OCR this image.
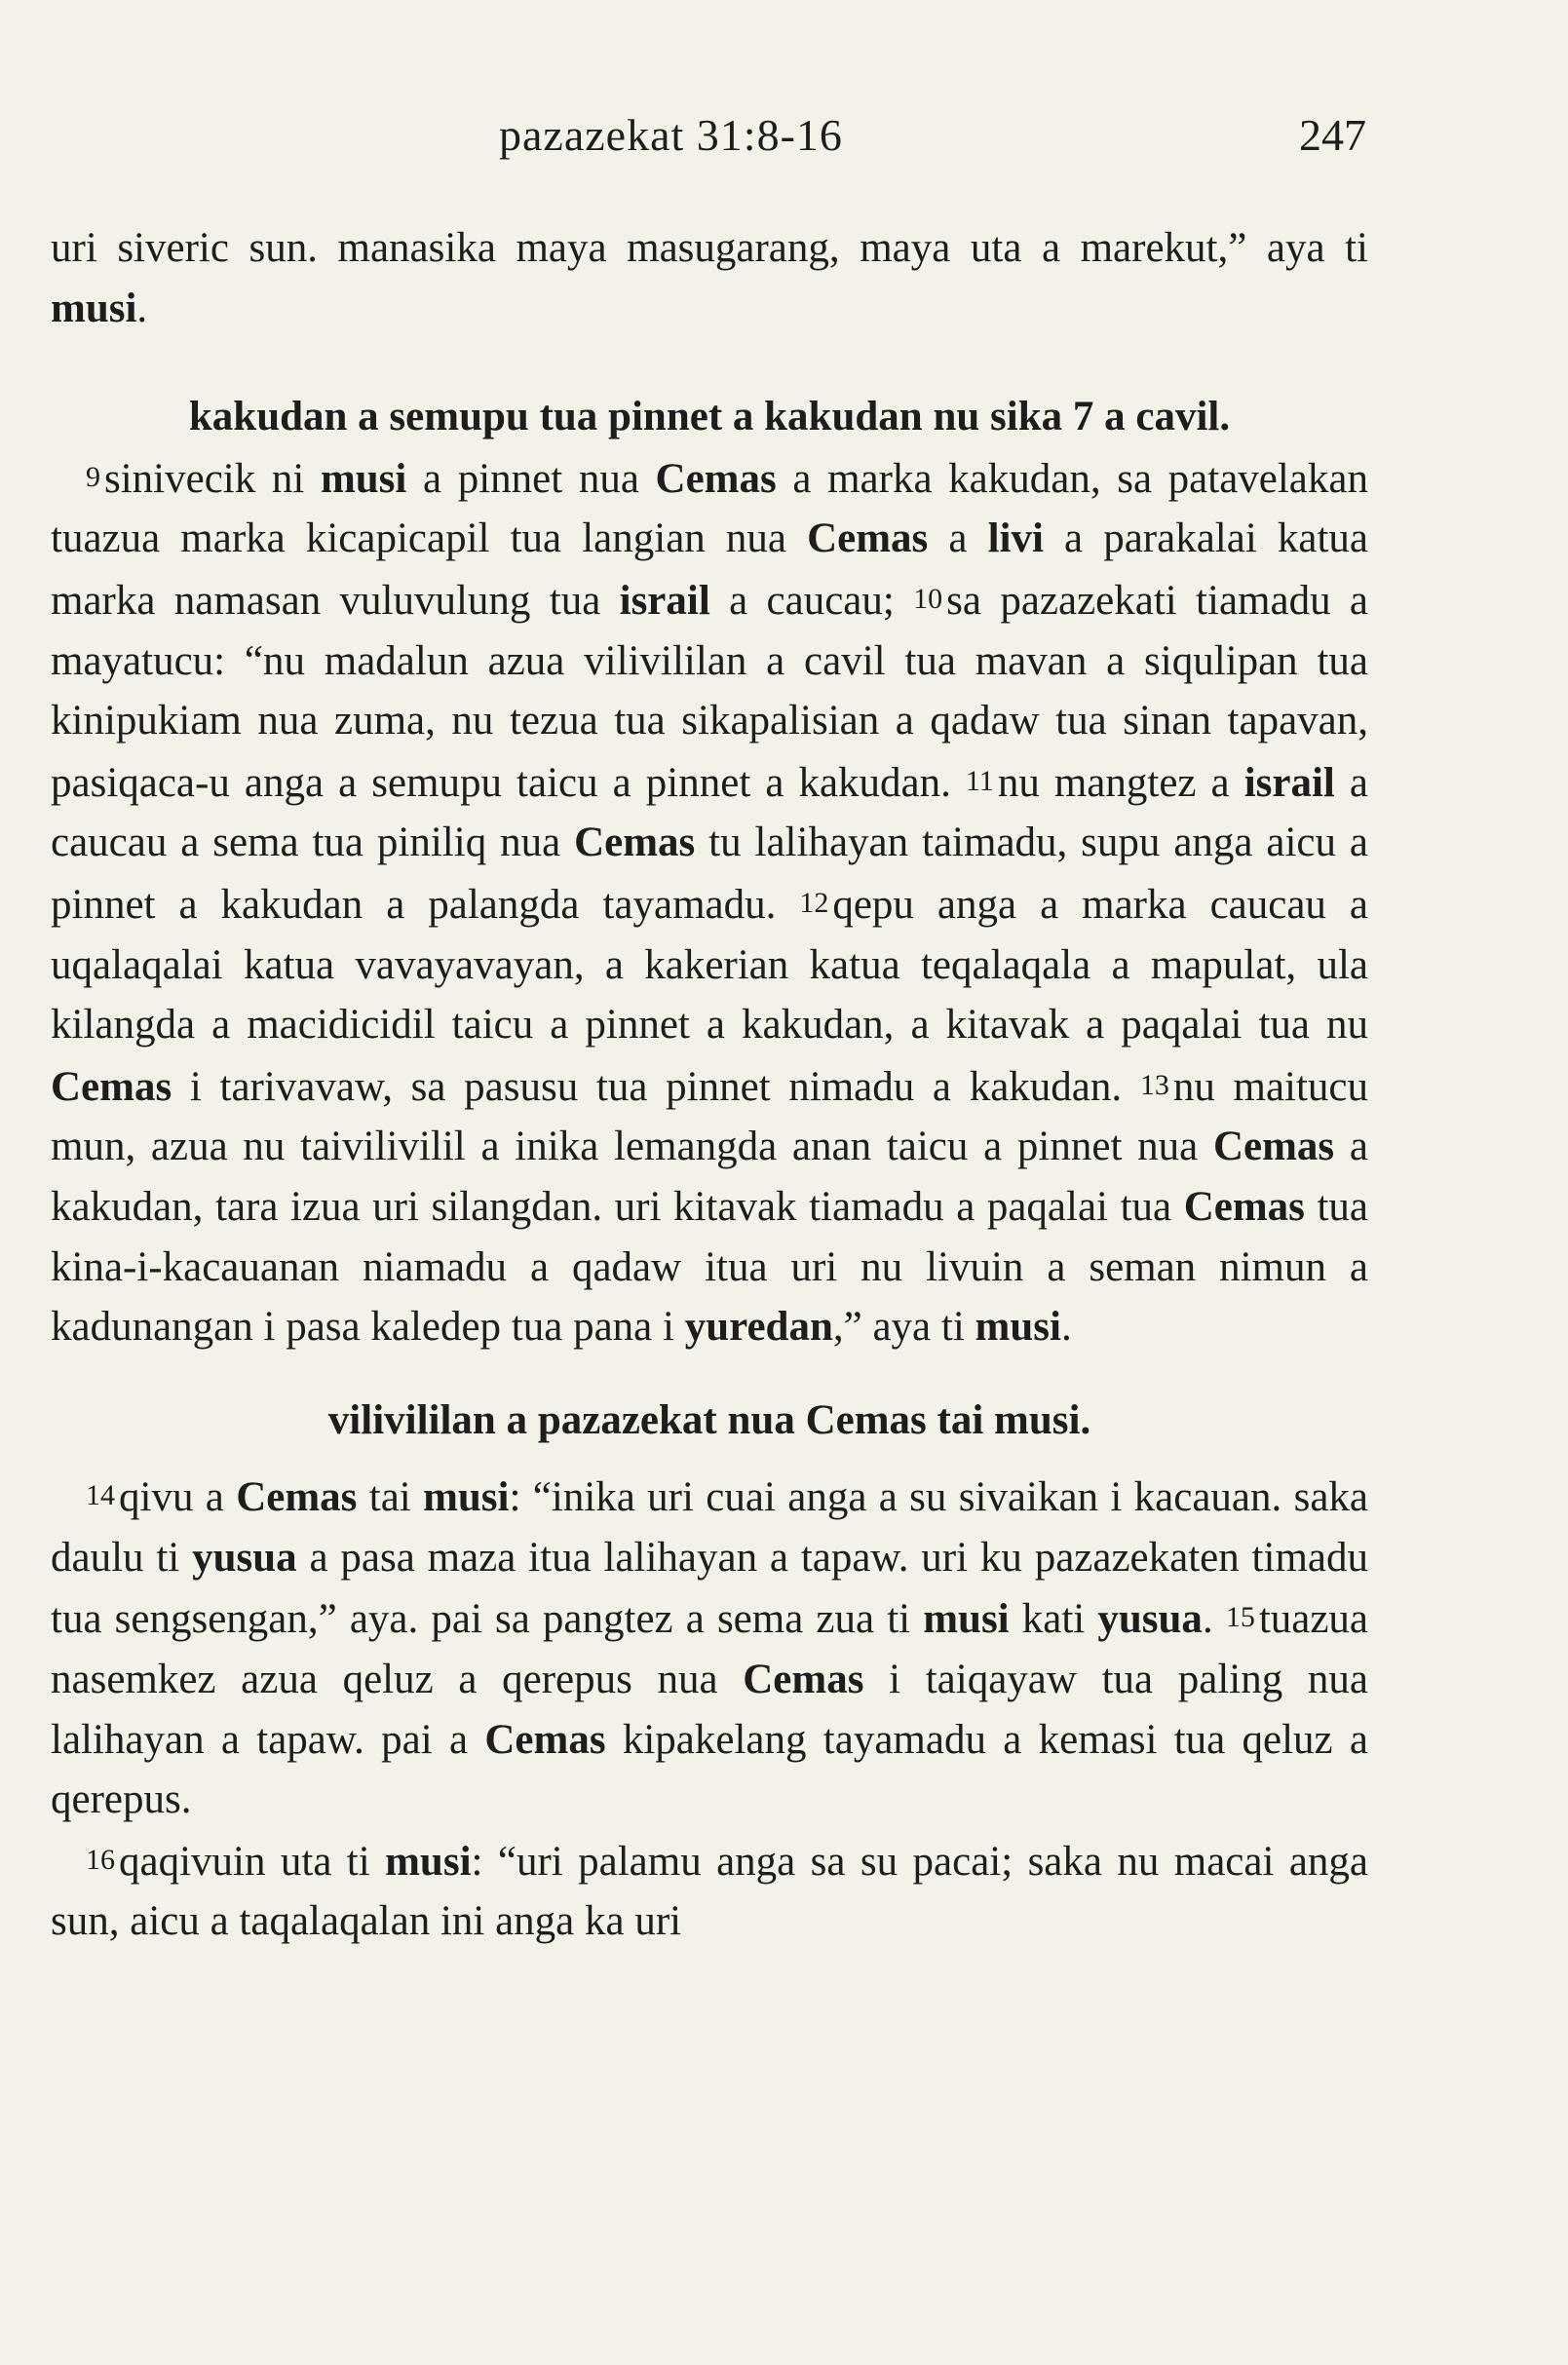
pazazekat 31:8-16	247

uri siveric sun. manasika maya masugarang, maya uta a marekut,” aya ti musi.

kakudan a semupu tua pinnet a kakudan nu sika 7 a cavil.

9sinivecik ni musi a pinnet nua Cemas a marka kakudan, sa patavelakan tuazua marka kicapicapil tua langian nua Cemas a livi a parakalai katua marka namasan vuluvulung tua israil a caucau; 10sa pazazekati tiamadu a mayatucu: “nu madalun azua vilivililan a cavil tua mavan a siqulipan tua kinipukiam nua zuma, nu tezua tua sikapalisian a qadaw tua sinan tapavan, pasiqaca-u anga a semupu taicu a pinnet a kakudan. 11nu mangtez a israil a caucau a sema tua piniliq nua Cemas tu lalihayan taimadu, supu anga aicu a pinnet a kakudan a palangda tayamadu. 12qepu anga a marka caucau a uqalaqalai katua vavayavayan, a kakerian katua teqalaqala a mapulat, ula kilangda a macidicidil taicu a pinnet a kakudan, a kitavak a paqalai tua nu Cemas i tarivavaw, sa pasusu tua pinnet nimadu a kakudan. 13nu maitucu mun, azua nu taivilivilil a inika lemangda anan taicu a pinnet nua Cemas a kakudan, tara izua uri silangdan. uri kitavak tiamadu a paqalai tua Cemas tua kina-i-kacauanan niamadu a qadaw itua uri nu livuin a seman nimun a kadunangan i pasa kaledep tua pana i yuredan,” aya ti musi.

vilivililan a pazazekat nua Cemas tai musi.

14qivu a Cemas tai musi: “inika uri cuai anga a su sivaikan i kacauan. saka daulu ti yusua a pasa maza itua lalihayan a tapaw. uri ku pazazekaten timadu tua sengsengan,” aya. pai sa pangtez a sema zua ti musi kati yusua. 15tuazua nasemkez azua qeluz a qerepus nua Cemas i taiqayaw tua paling nua lalihayan a tapaw. pai a Cemas kipakelang tayamadu a kemasi tua qeluz a qerepus.

16qaqivuin uta ti musi: “uri palamu anga sa su pacai; saka nu macai anga sun, aicu a taqalaqalan ini anga ka uri
